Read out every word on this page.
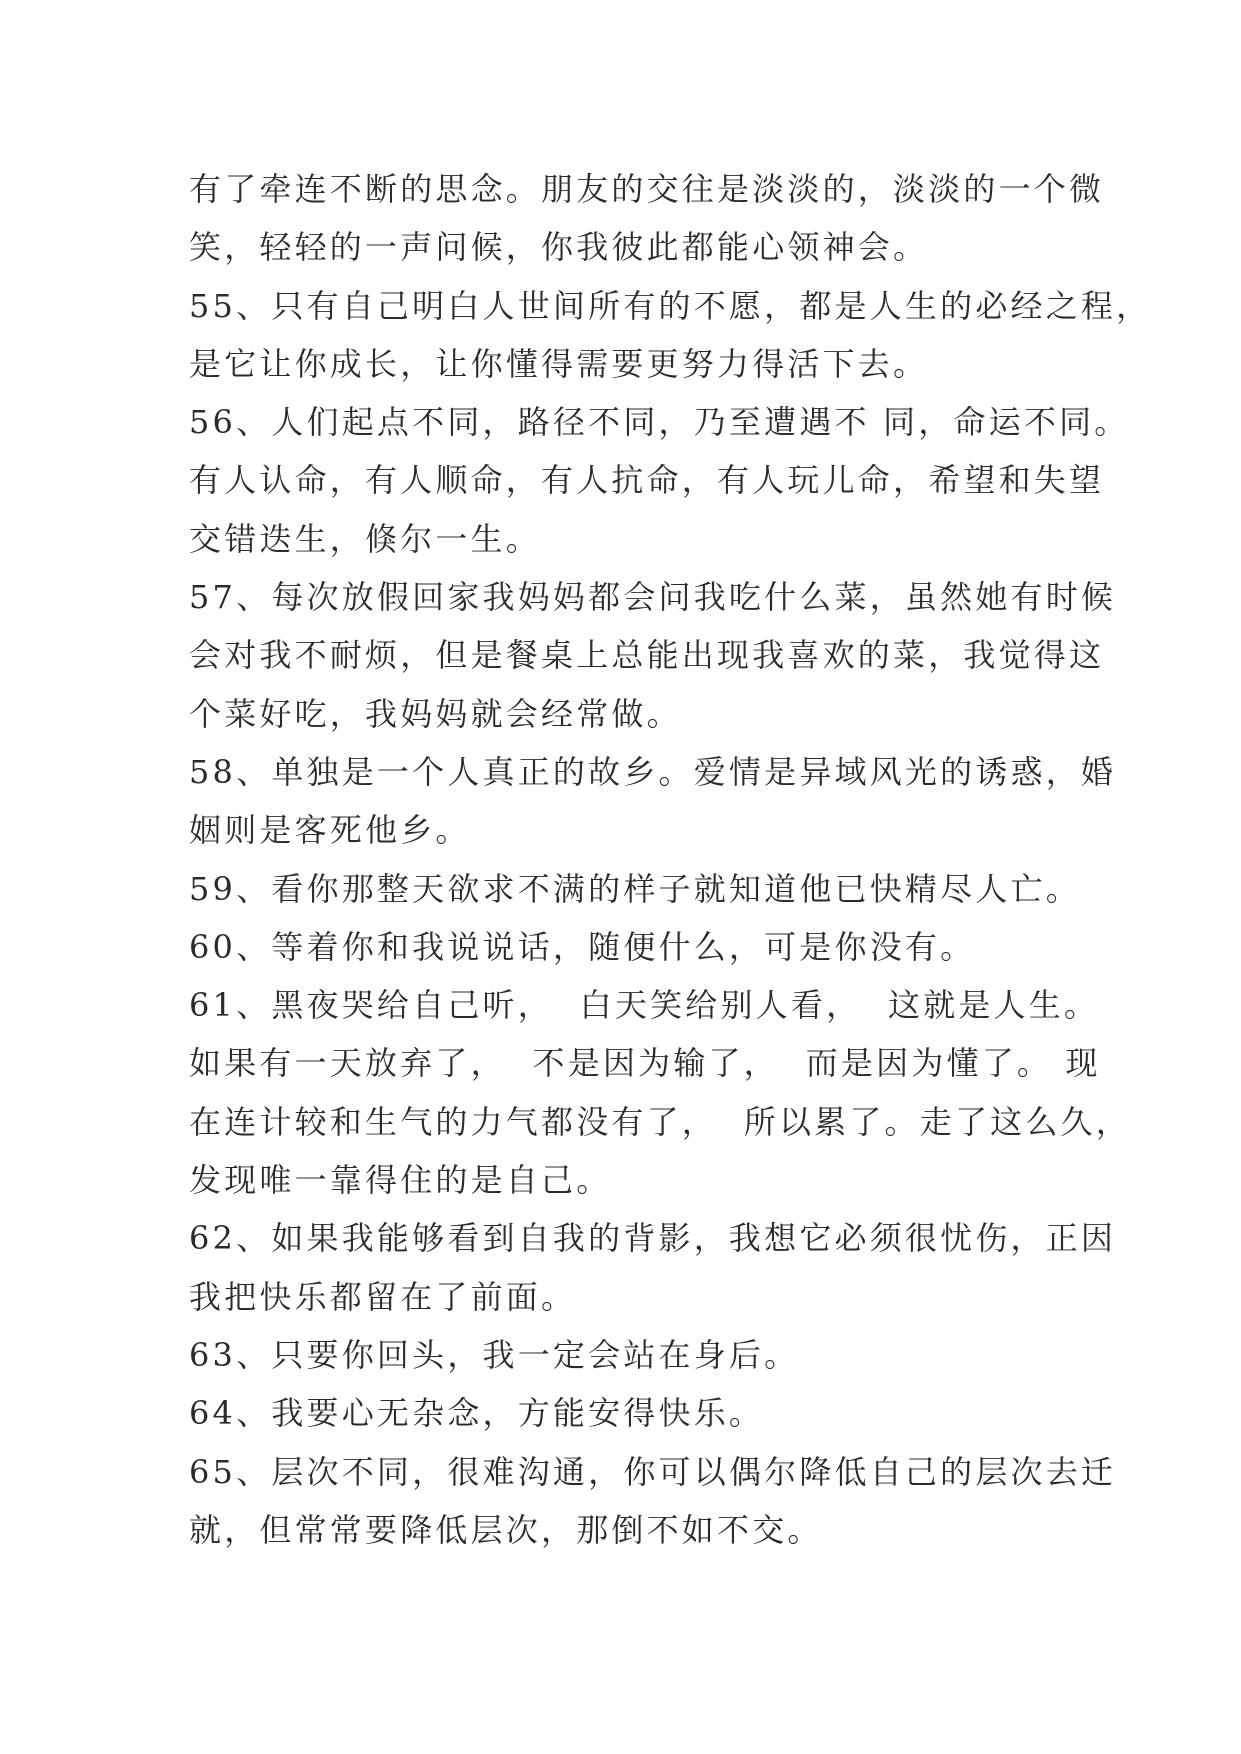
有了牵连不断的思念。朋友的交往是淡淡的，淡淡的一个微

笑，轻轻的一声问候，你我彼此都能心领神会。

55、只有自己明白人世间所有的不愿，都是人生的必经之程，

是它让你成长，让你懂得需要更努力得活下去。

56、人们起点不同，路径不同，乃至遭遇不 同，命运不同。

有人认命，有人顺命，有人抗命，有人玩儿命，希望和失望

交错迭生，倏尔一生。

57、每次放假回家我妈妈都会问我吃什么菜，虽然她有时候

会对我不耐烦，但是餐桌上总能出现我喜欢的菜，我觉得这

个菜好吃，我妈妈就会经常做。

58、单独是一个人真正的故乡。爱情是异域风光的诱惑，婚

姻则是客死他乡。

59、看你那整天欲求不满的样子就知道他已快精尽人亡。

60、等着你和我说说话，随便什么，可是你没有。

61、黑夜哭给自己听，  白天笑给别人看，  这就是人生。

如果有一天放弃了，  不是因为输了，  而是因为懂了。 现

在连计较和生气的力气都没有了，  所以累了。走了这么久，

发现唯一靠得住的是自己。

62、如果我能够看到自我的背影，我想它必须很忧伤，正因

我把快乐都留在了前面。

63、只要你回头，我一定会站在身后。

64、我要心无杂念，方能安得快乐。

65、层次不同，很难沟通，你可以偶尔降低自己的层次去迁

就，但常常要降低层次，那倒不如不交。
